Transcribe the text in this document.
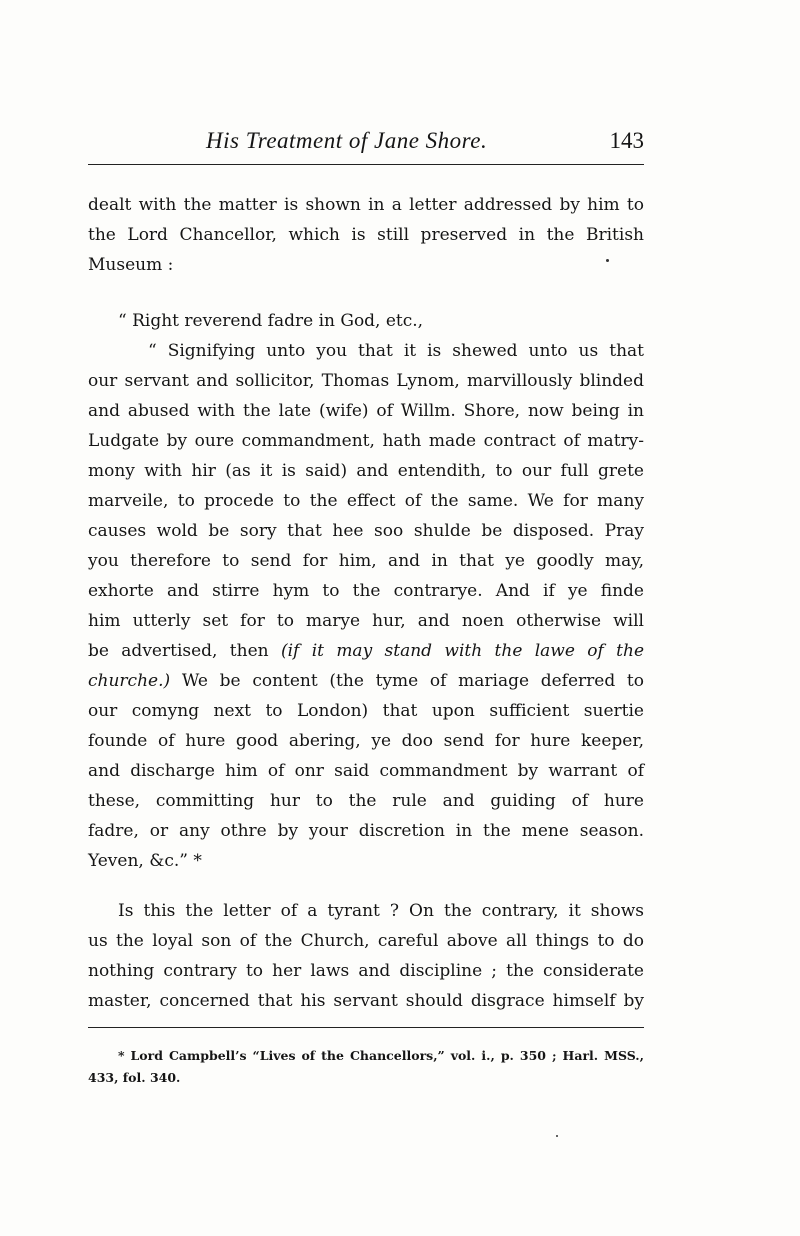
His Treatment of Jane Shore.	143
dealt with the matter is shown in a letter addressed by him to
the Lord Chancellor, which is still preserved in the British
Museum :
“ Right reverend fadre in God, etc.,
“ Signifying unto you that it is shewed unto us that
our servant and sollicitor, Thomas Lynom, marvillously blinded
and abused with the late (wife) of Willm. Shore, now being in
Ludgate by oure commandment, hath made contract of matry-
mony with hir (as it is said) and entendith, to our full grete
marveile, to procede to the effect of the same. We for many
causes wold be sory that hee soo shulde be disposed. Pray
you therefore to send for him, and in that ye goodly may,
exhorte and stirre hym to the contrarye. And if ye finde
him utterly set for to marye hur, and noen otherwise will
be advertised, then (if it may stand with the lawe of the
churche.) We be content (the tyme of mariage deferred to
our comyng next to London) that upon sufficient suertie
founde of hure good abering, ye doo send for hure keeper,
and discharge him of onr said commandment by warrant of
these, committing hur to the rule and guiding of hure
fadre, or any othre by your discretion in the mene season.
Yeven, &c.” *
Is this the letter of a tyrant ? On the contrary, it shows
us the loyal son of the Church, careful above all things to do
nothing contrary to her laws and discipline ; the considerate
master, concerned that his servant should disgrace himself by
* Lord Campbell’s “Lives of the Chancellors,” vol. i., p. 350 ; Harl. MSS.,
433, fol. 340.
